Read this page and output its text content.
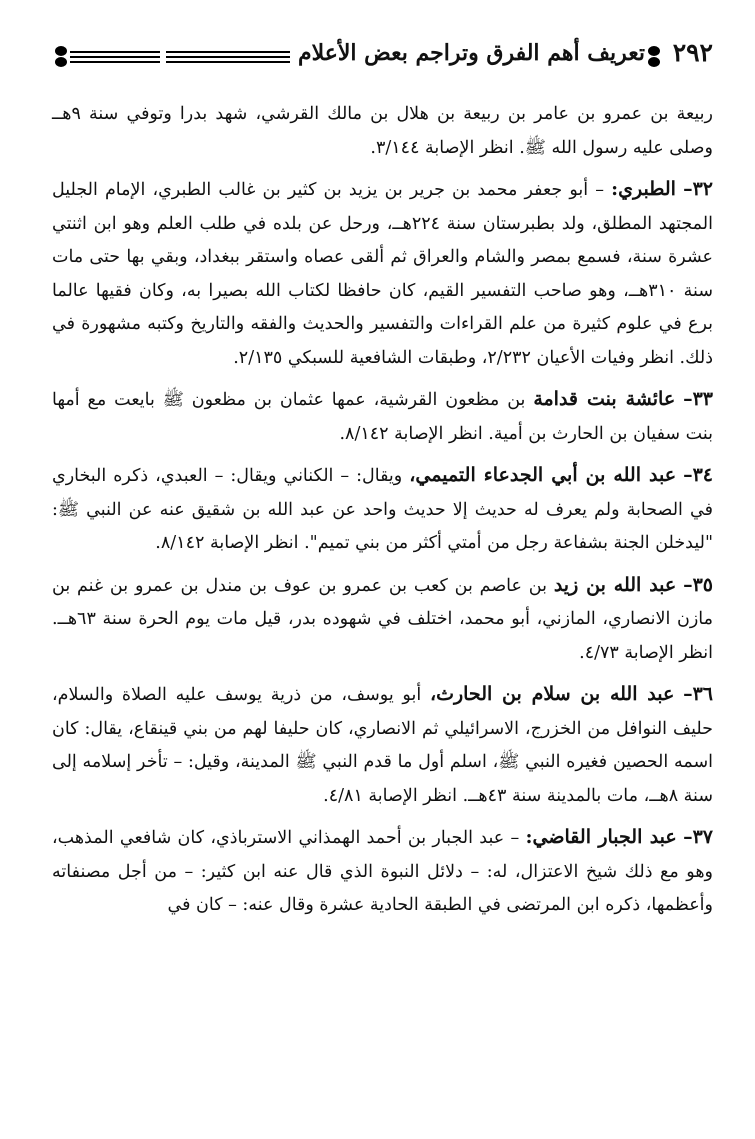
٢٩٢
تعريف أهم الفرق وتراجم بعض الأعلام

ربيعة بن عمرو بن عامر بن ربيعة بن هلال بن مالك القرشي، شهد بدرا وتوفي سنة ٩هــ وصلى عليه رسول الله ﷺ. انظر الإصابة ٣/١٤٤.

٣٢– الطبري: – أبو جعفر محمد بن جرير بن يزيد بن كثير بن غالب الطبري، الإمام الجليل المجتهد المطلق، ولد بطبرستان سنة ٢٢٤هــ، ورحل عن بلده في طلب العلم وهو ابن اثنتي عشرة سنة، فسمع بمصر والشام والعراق ثم ألقى عصاه واستقر ببغداد، وبقي بها حتى مات سنة ٣١٠هــ، وهو صاحب التفسير القيم، كان حافظا لكتاب الله بصيرا به، وكان فقيها عالما برع في علوم كثيرة من علم القراءات والتفسير والحديث والفقه والتاريخ وكتبه مشهورة في ذلك. انظر وفيات الأعيان ٢/٢٣٢، وطبقات الشافعية للسبكي ٢/١٣٥.

٣٣– عائشة بنت قدامة بن مظعون القرشية، عمها عثمان بن مظعون ﷺ بايعت مع أمها بنت سفيان بن الحارث بن أمية. انظر الإصابة ٨/١٤٢.

٣٤– عبد الله بن أبي الجدعاء التميمي، ويقال: – الكناني ويقال: – العبدي، ذكره البخاري في الصحابة ولم يعرف له حديث إلا حديث واحد عن عبد الله بن شقيق عنه عن النبي ﷺ: "ليدخلن الجنة بشفاعة رجل من أمتي أكثر من بني تميم". انظر الإصابة ٨/١٤٢.

٣٥– عبد الله بن زيد بن عاصم بن كعب بن عمرو بن عوف بن مندل بن عمرو بن غنم بن مازن الانصاري، المازني، أبو محمد، اختلف في شهوده بدر، قيل مات يوم الحرة سنة ٦٣هــ. انظر الإصابة ٤/٧٣.

٣٦– عبد الله بن سلام بن الحارث، أبو يوسف، من ذرية يوسف عليه الصلاة والسلام، حليف النوافل من الخزرج، الاسرائيلي ثم الانصاري، كان حليفا لهم من بني قينقاع، يقال: كان اسمه الحصين فغيره النبي ﷺ، اسلم أول ما قدم النبي ﷺ المدينة، وقيل: – تأخر إسلامه إلى سنة ٨هــ، مات بالمدينة سنة ٤٣هــ. انظر الإصابة ٤/٨١.

٣٧– عبد الجبار القاضي: – عبد الجبار بن أحمد الهمذاني الاسترباذي، كان شافعي المذهب، وهو مع ذلك شيخ الاعتزال، له: – دلائل النبوة الذي قال عنه ابن كثير: – من أجل مصنفاته وأعظمها، ذكره ابن المرتضى في الطبقة الحادية عشرة وقال عنه: – كان في
